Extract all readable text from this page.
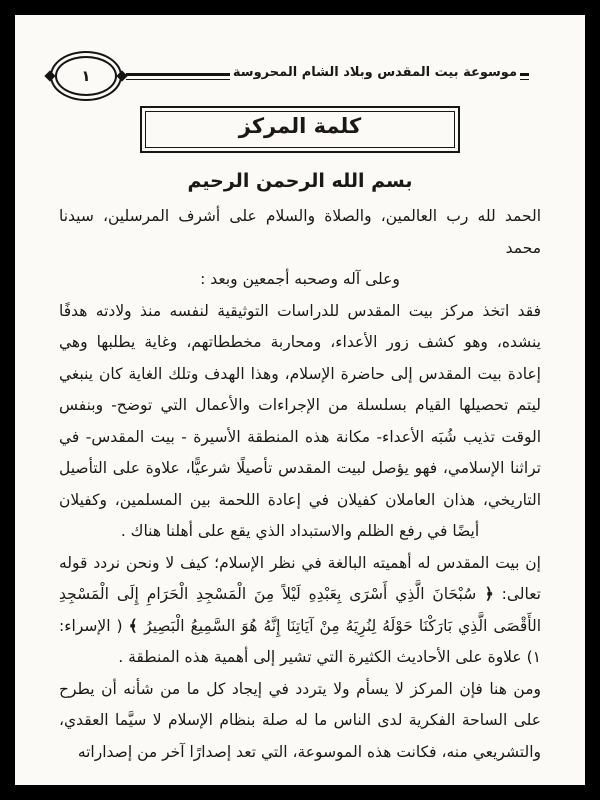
موسوعة بيت المقدس وبلاد الشام المحروسة
١
كلمة المركز
بسم الله الرحمن الرحيم

الحمد لله رب العالمين، والصلاة والسلام على أشرف المرسلين، سيدنا محمد

وعلى آله وصحبه أجمعين وبعد :

فقد اتخذ مركز بيت المقدس للدراسات التوثيقية لنفسه منذ ولادته هدفًا ينشده، وهو كشف زور الأعداء، ومحاربة مخططاتهم، وغاية يطلبها وهي إعادة بيت المقدس إلى حاضرة الإسلام، وهذا الهدف وتلك الغاية كان ينبغي ليتم تحصيلها القيام بسلسلة من الإجراءات والأعمال التي توضح- وبنفس الوقت تذيب شُبَه الأعداء- مكانة هذه المنطقة الأسيرة - بيت المقدس- في تراثنا الإسلامي، فهو يؤصل لبيت المقدس تأصيلًا شرعيًّا، علاوة على التأصيل التاريخي، هذان العاملان كفيلان في إعادة اللحمة بين المسلمين، وكفيلان أيضًا في رفع الظلم والاستبداد الذي يقع على أهلنا هناك .

إن بيت المقدس له أهميته البالغة في نظر الإسلام؛ كيف لا ونحن نردد قوله تعالى: ﴿ سُبْحَانَ الَّذِي أَسْرَى بِعَبْدِهِ لَيْلاً مِنَ الْمَسْجِدِ الْحَرَامِ إِلَى الْمَسْجِدِ الأَقْصَى الَّذِي بَارَكْنَا حَوْلَهُ لِنُرِيَهُ مِنْ آيَاتِنَا إِنَّهُ هُوَ السَّمِيعُ الْبَصِيرُ ﴾ ( الإسراء: ١) علاوة على الأحاديث الكثيرة التي تشير إلى أهمية هذه المنطقة .

ومن هنا فإن المركز لا يسأم ولا يتردد في إيجاد كل ما من شأنه أن يطرح على الساحة الفكرية لدى الناس ما له صلة بنظام الإسلام لا سيَّما العقدي، والتشريعي منه، فكانت هذه الموسوعة، التي تعد إصدارًا آخر من إصداراته
